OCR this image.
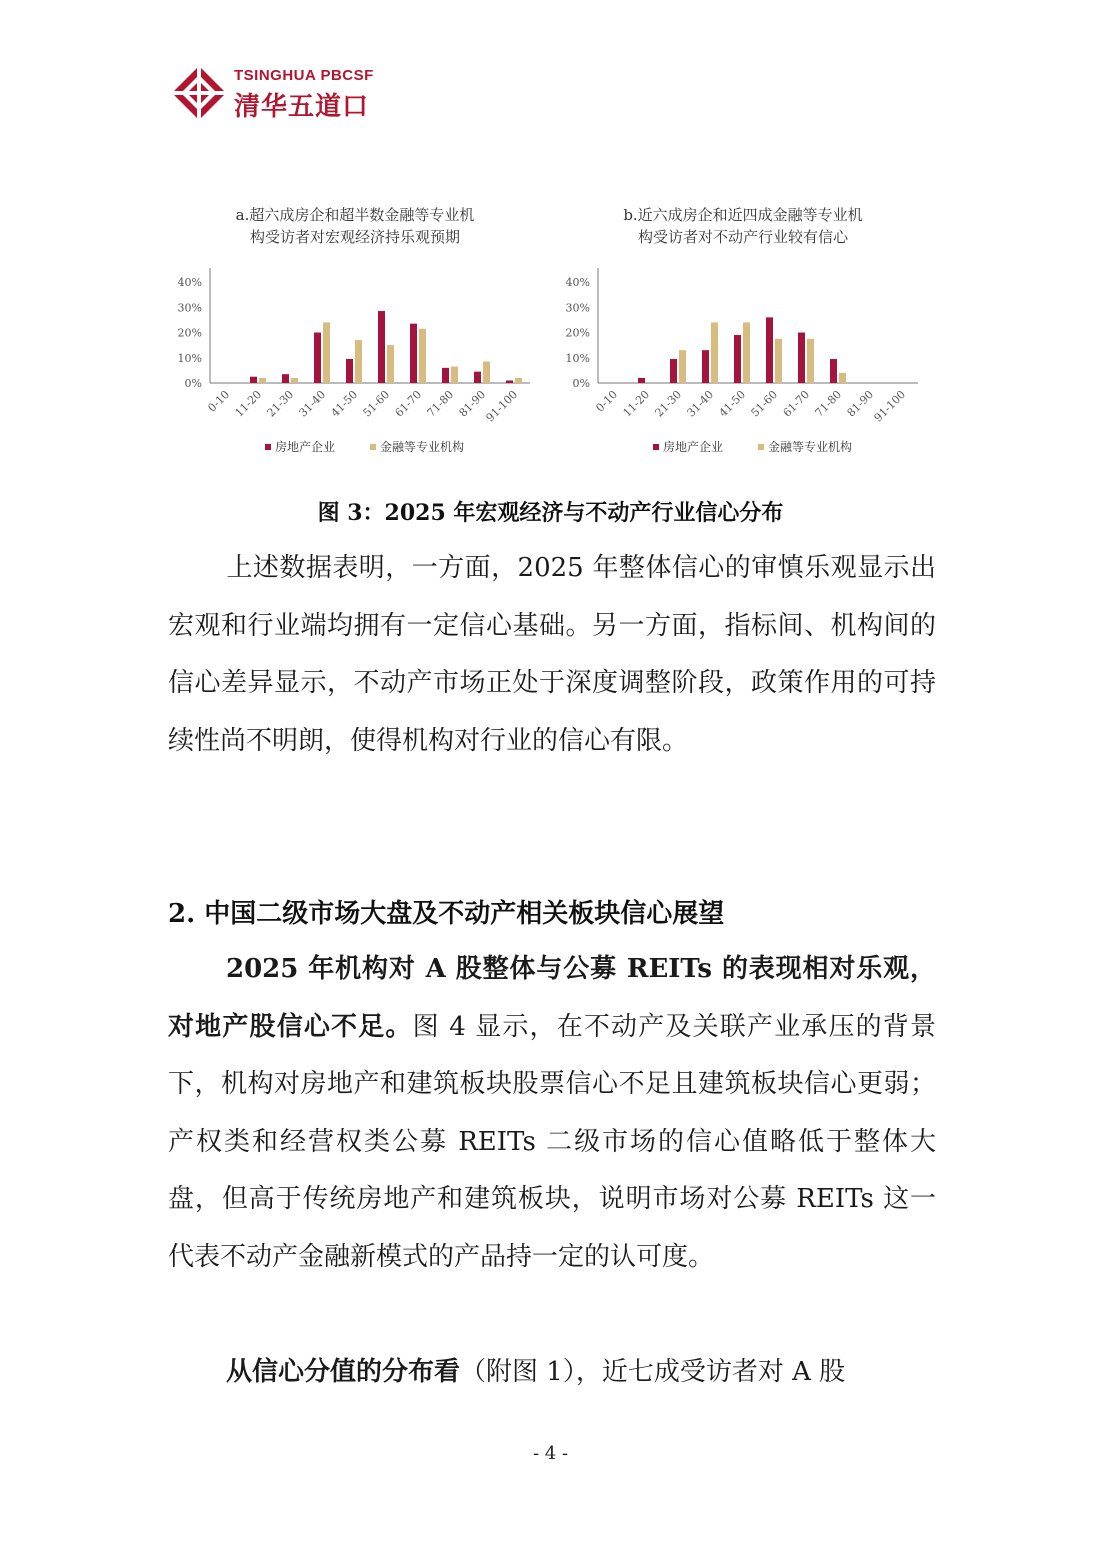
TSINGHUA PBCSF
清华五道口
0%
10%
20%
30%
40%
0-10 11-20 21-30 31-40 41-50 51-60 61-70 71-80 81-90
91-100
房地产企业	金融等专业机构
a.超六成房企和超半数金融等专业机
构受访者对宏观经济持乐观预期
0%
10%
20%
30%
40%
0-10 11-20 21-30 31-40 41-50 51-60 61-70 71-80 81-90
91-100
房地产企业	金融等专业机构
b.近六成房企和近四成金融等专业机
构受访者对不动产行业较有信心
图 3：2025 年宏观经济与不动产行业信心分布

上述数据表明，一方面，2025 年整体信心的审慎乐观显示出宏观和行业端均拥有一定信心基础。另一方面，指标间、机构间的信心差异显示，不动产市场正处于深度调整阶段，政策作用的可持续性尚不明朗，使得机构对行业的信心有限。

2. 中国二级市场大盘及不动产相关板块信心展望

2025 年机构对 A 股整体与公募 REITs 的表现相对乐观，对地产股信心不足。图 4 显示，在不动产及关联产业承压的背景下，机构对房地产和建筑板块股票信心不足且建筑板块信心更弱；产权类和经营权类公募 REITs 二级市场的信心值略低于整体大盘，但高于传统房地产和建筑板块，说明市场对公募 REITs 这一代表不动产金融新模式的产品持一定的认可度。

从信心分值的分布看（附图 1），近七成受访者对 A 股

- 4 -
